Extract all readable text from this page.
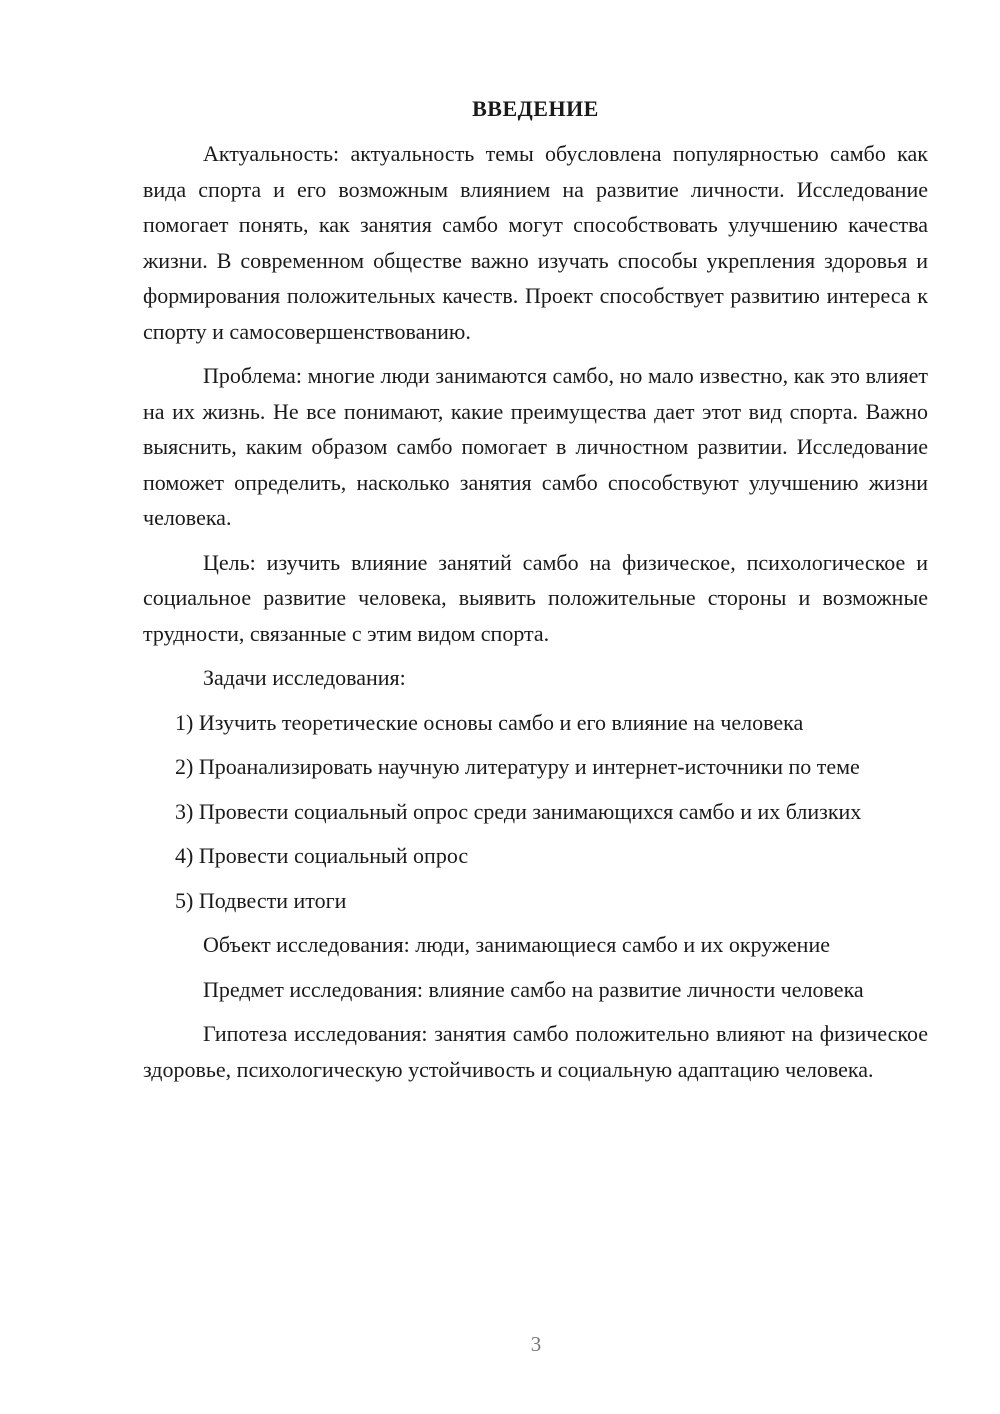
ВВЕДЕНИЕ

Актуальность: актуальность темы обусловлена популярностью самбо как вида спорта и его возможным влиянием на развитие личности. Исследование помогает понять, как занятия самбо могут способствовать улучшению качества жизни. В современном обществе важно изучать способы укрепления здоровья и формирования положительных качеств. Проект способствует развитию интереса к спорту и самосовершенствованию.

Проблема: многие люди занимаются самбо, но мало известно, как это влияет на их жизнь. Не все понимают, какие преимущества дает этот вид спорта. Важно выяснить, каким образом самбо помогает в личностном развитии. Исследование поможет определить, насколько занятия самбо способствуют улучшению жизни человека.

Цель: изучить влияние занятий самбо на физическое, психологическое и социальное развитие человека, выявить положительные стороны и возможные трудности, связанные с этим видом спорта.

Задачи исследования:

1) Изучить теоретические основы самбо и его влияние на человека

2) Проанализировать научную литературу и интернет-источники по теме

3) Провести социальный опрос среди занимающихся самбо и их близких

4) Провести социальный опрос

5) Подвести итоги

Объект исследования: люди, занимающиеся самбо и их окружение

Предмет исследования: влияние самбо на развитие личности человека

Гипотеза исследования: занятия самбо положительно влияют на физическое здоровье, психологическую устойчивость и социальную адаптацию человека.

3
